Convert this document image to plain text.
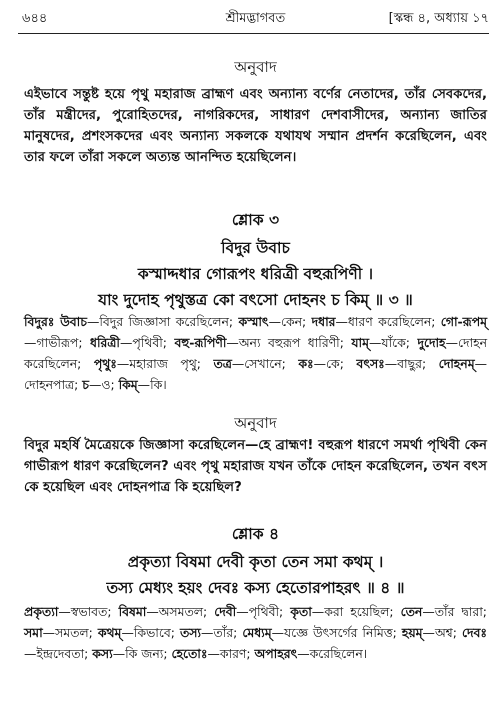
৬৪৪	শ্রীমদ্ভাগবত	[স্কন্ধ ৪, অধ্যায় ১৭
অনুবাদ
এইভাবে সন্তুষ্ট হয়ে পৃথু মহারাজ ব্রাহ্মণ এবং অন্যান্য বর্ণের নেতাদের, তাঁর সেবকদের, তাঁর মন্ত্রীদের, পুরোহিতদের, নাগরিকদের, সাধারণ দেশবাসীদের, অন্যান্য জাতির মানুষদের, প্রশংসকদের এবং অন্যান্য সকলকে যথাযথ সম্মান প্রদর্শন করেছিলেন, এবং তার ফলে তাঁরা সকলে অত্যন্ত আনন্দিত হয়েছিলেন।
শ্লোক ৩
বিদুর উবাচ
কস্মাদ্দধার গোরূপং ধরিত্রী বহুরূপিণী ।
যাং দুদোহ পৃথুস্তত্র কো বৎসো দোহনং চ কিম্ ॥ ৩ ॥
বিদুরঃ উবাচ—বিদুর জিজ্ঞাসা করেছিলেন; কস্মাৎ—কেন; দধার—ধারণ করেছিলেন; গো-রূপম্—গাভীরূপ; ধরিত্রী—পৃথিবী; বহু-রূপিণী—অন্য বহুরূপ ধারিণী; যাম্—যাঁকে; দুদোহ—দোহন করেছিলেন; পৃথুঃ—মহারাজ পৃথু; তত্র—সেখানে; কঃ—কে; বৎসঃ—বাছুর; দোহনম্—দোহনপাত্র; চ—ও; কিম্—কি।
অনুবাদ
বিদুর মহর্ষি মৈত্রেয়কে জিজ্ঞাসা করেছিলেন—হে ব্রাহ্মণ! বহুরূপ ধারণে সমর্থা পৃথিবী কেন গাভীরূপ ধারণ করেছিলেন? এবং পৃথু মহারাজ যখন তাঁকে দোহন করেছিলেন, তখন বৎস কে হয়েছিল এবং দোহনপাত্র কি হয়েছিল?
শ্লোক ৪
প্রকৃত্যা বিষমা দেবী কৃতা তেন সমা কথম্ ।
তস্য মেধ্যং হয়ং দেবঃ কস্য হেতোরপাহরৎ ॥ ৪ ॥
প্রকৃত্যা—স্বভাবত; বিষমা—অসমতল; দেবী—পৃথিবী; কৃতা—করা হয়েছিল; তেন—তাঁর দ্বারা; সমা—সমতল; কথম্—কিভাবে; তস্য—তাঁর; মেধ্যম্—যজ্ঞে উৎসর্গের নিমিত্ত; হয়ম্—অশ্ব; দেবঃ—ইন্দ্রদেবতা; কস্য—কি জন্য; হেতোঃ—কারণ; অপাহরৎ—করেছিলেন।
